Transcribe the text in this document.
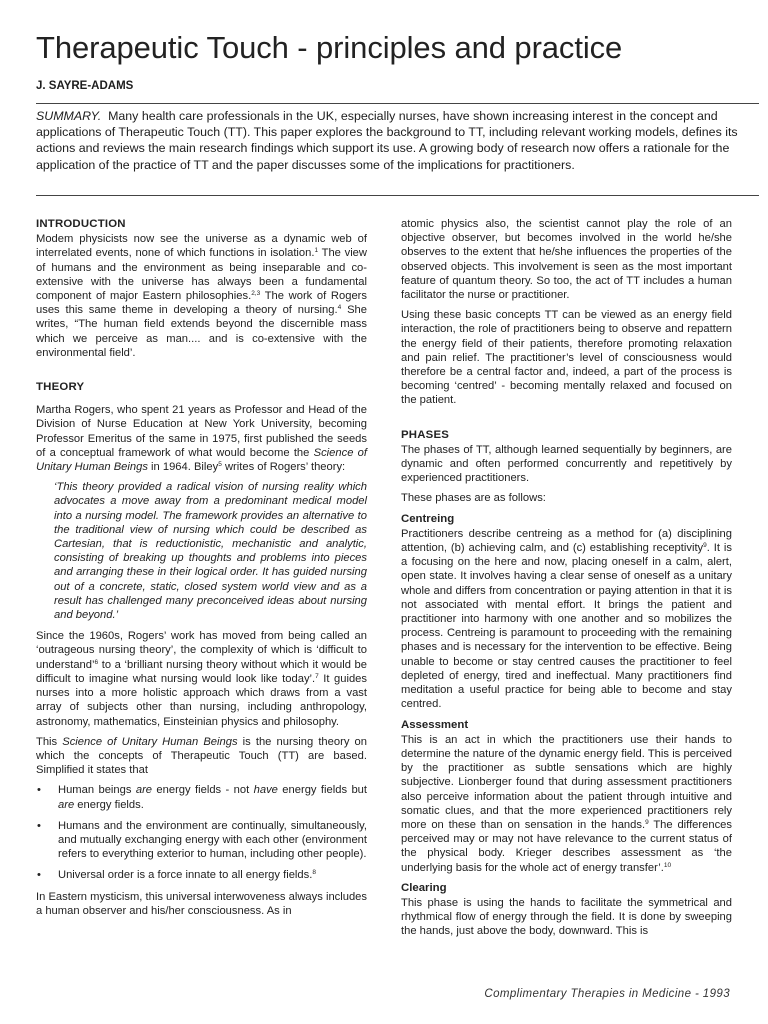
Therapeutic Touch - principles and practice
J. SAYRE-ADAMS

SUMMARY. Many health care professionals in the UK, especially nurses, have shown increasing interest in the concept and applications of Therapeutic Touch (TT). This paper explores the background to TT, including relevant working models, defines its actions and reviews the main research findings which support its use. A growing body of research now offers a rationale for the application of the practice of TT and the paper discusses some of the implications for practitioners.

INTRODUCTION

Modem physicists now see the universe as a dynamic web of interrelated events, none of which functions in isolation.$^1$ The view of humans and the environment as being inseparable and co-extensive with the universe has always been a fundamental component of major Eastern philosophies.$^{2,3}$ The work of Rogers uses this same theme in developing a theory of nursing.$^4$ She writes, “The human field extends beyond the discernible mass which we perceive as man.... and is co-extensive with the environmental field’.

THEORY

Martha Rogers, who spent 21 years as Professor and Head of the Division of Nurse Education at New York University, becoming Professor Emeritus of the same in 1975, first published the seeds of a conceptual framework of what would become the Science of Unitary Human Beings in 1964. Biley$^5$ writes of Rogers’ theory:

‘This theory provided a radical vision of nursing reality which advocates a move away from a predominant medical model into a nursing model. The framework provides an alternative to the traditional view of nursing which could be described as Cartesian, that is reductionistic, mechanistic and analytic, consisting of breaking up thoughts and problems into pieces and arranging these in their logical order. It has guided nursing out of a concrete, static, closed system world view and as a result has challenged many preconceived ideas about nursing and beyond.’

Since the 1960s, Rogers’ work has moved from being called an ‘outrageous nursing theory’, the complexity of which is ‘difficult to understand’$^6$ to a ‘brilliant nursing theory without which it would be difficult to imagine what nursing would look like today’.$^7$ It guides nurses into a more holistic approach which draws from a vast array of subjects other than nursing, including anthropology, astronomy, mathematics, Einsteinian physics and philosophy.

This Science of Unitary Human Beings is the nursing theory on which the concepts of Therapeutic Touch (TT) are based. Simplified it states that

• Human beings are energy fields - not have energy fields but are energy fields.
• Humans and the environment are continually, simultaneously, and mutually exchanging energy with each other (environment refers to everything exterior to human, including other people).
• Universal order is a force innate to all energy fields.$^8$

In Eastern mysticism, this universal interwoveness always includes a human observer and his/her consciousness. As in

atomic physics also, the scientist cannot play the role of an objective observer, but becomes involved in the world he/she observes to the extent that he/she influences the properties of the observed objects. This involvement is seen as the most important feature of quantum theory. So too, the act of TT includes a human facilitator the nurse or practitioner.

Using these basic concepts TT can be viewed as an energy field interaction, the role of practitioners being to observe and repattern the energy field of their patients, therefore promoting relaxation and pain relief. The practitioner’s level of consciousness would therefore be a central factor and, indeed, a part of the process is becoming ‘centred’ - becoming mentally relaxed and focused on the patient.

PHASES

The phases of TT, although learned sequentially by beginners, are dynamic and often performed concurrently and repetitively by experienced practitioners.

These phases are as follows:

Centreing

Practitioners describe centreing as a method for (a) disciplining attention, (b) achieving calm, and (c) establishing receptivity$^9$. It is a focusing on the here and now, placing oneself in a calm, alert, open state. It involves having a clear sense of oneself as a unitary whole and differs from concentration or paying attention in that it is not associated with mental effort. It brings the patient and practitioner into harmony with one another and so mobilizes the process. Centreing is paramount to proceeding with the remaining phases and is necessary for the intervention to be effective. Being unable to become or stay centred causes the practitioner to feel depleted of energy, tired and ineffectual. Many practitioners find meditation a useful practice for being able to become and stay centred.

Assessment

This is an act in which the practitioners use their hands to determine the nature of the dynamic energy field. This is perceived by the practitioner as subtle sensations which are highly subjective. Lionberger found that during assessment practitioners also perceive information about the patient through intuitive and somatic clues, and that the more experienced practitioners rely more on these than on sensation in the hands.$^9$ The differences perceived may or may not have relevance to the current status of the physical body. Krieger describes assessment as ‘the underlying basis for the whole act of energy transfer’.$^{10}$

Clearing

This phase is using the hands to facilitate the symmetrical and rhythmical flow of energy through the field. It is done by sweeping the hands, just above the body, downward. This is

Complimentary Therapies in Medicine - 1993
